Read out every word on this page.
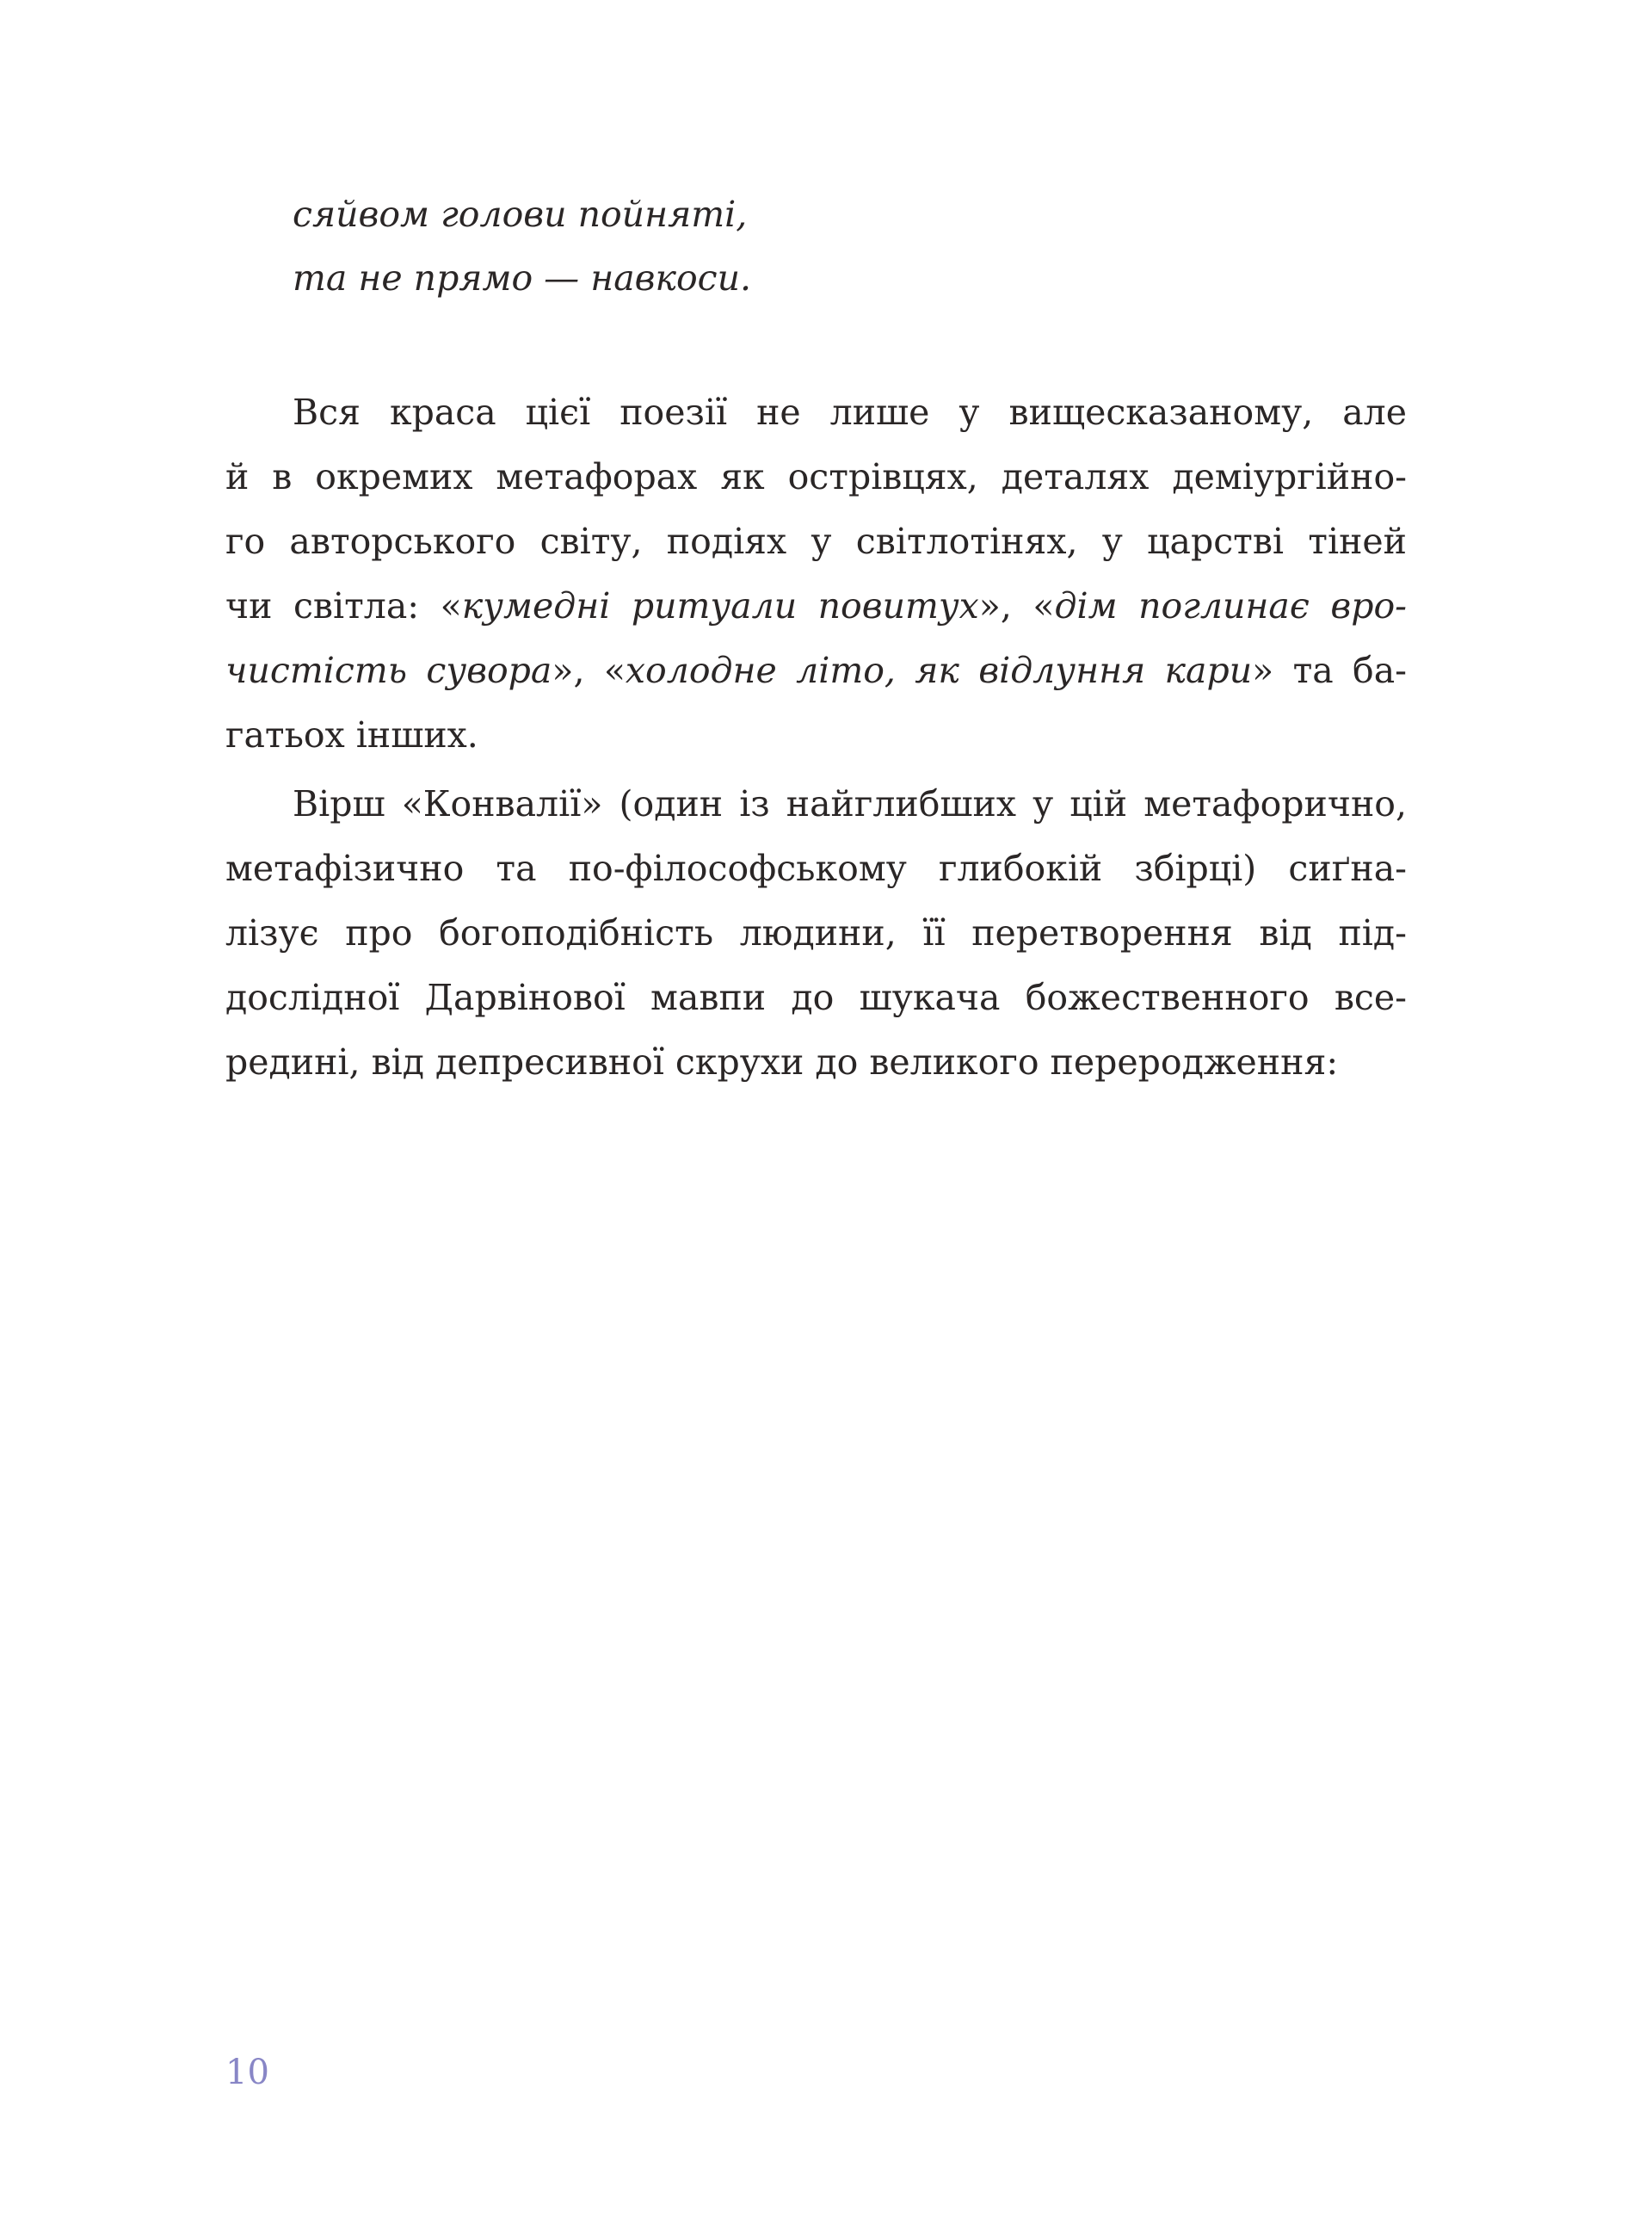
сяйвом голови пойняті,
та не прямо — навкоси.
Вся краса цієї поезії не лише у вищесказаному, але
й в окремих метафорах як острівцях, деталях деміургійно-
го авторського світу, подіях у світлотінях, у царстві тіней
чи світла: «кумедні ритуали повитух», «дім поглинає вро-
чистість сувора», «холодне літо, як відлуння кари» та ба-
гатьох інших.
Вірш «Конвалії» (один із найглибших у цій метафорично,
метафізично та по-філософському глибокій збірці) сиґна-
лізує про богоподібність людини, її перетворення від під-
дослідної Дарвінової мавпи до шукача божественного все-
редині, від депресивної скрухи до великого переродження:
10
